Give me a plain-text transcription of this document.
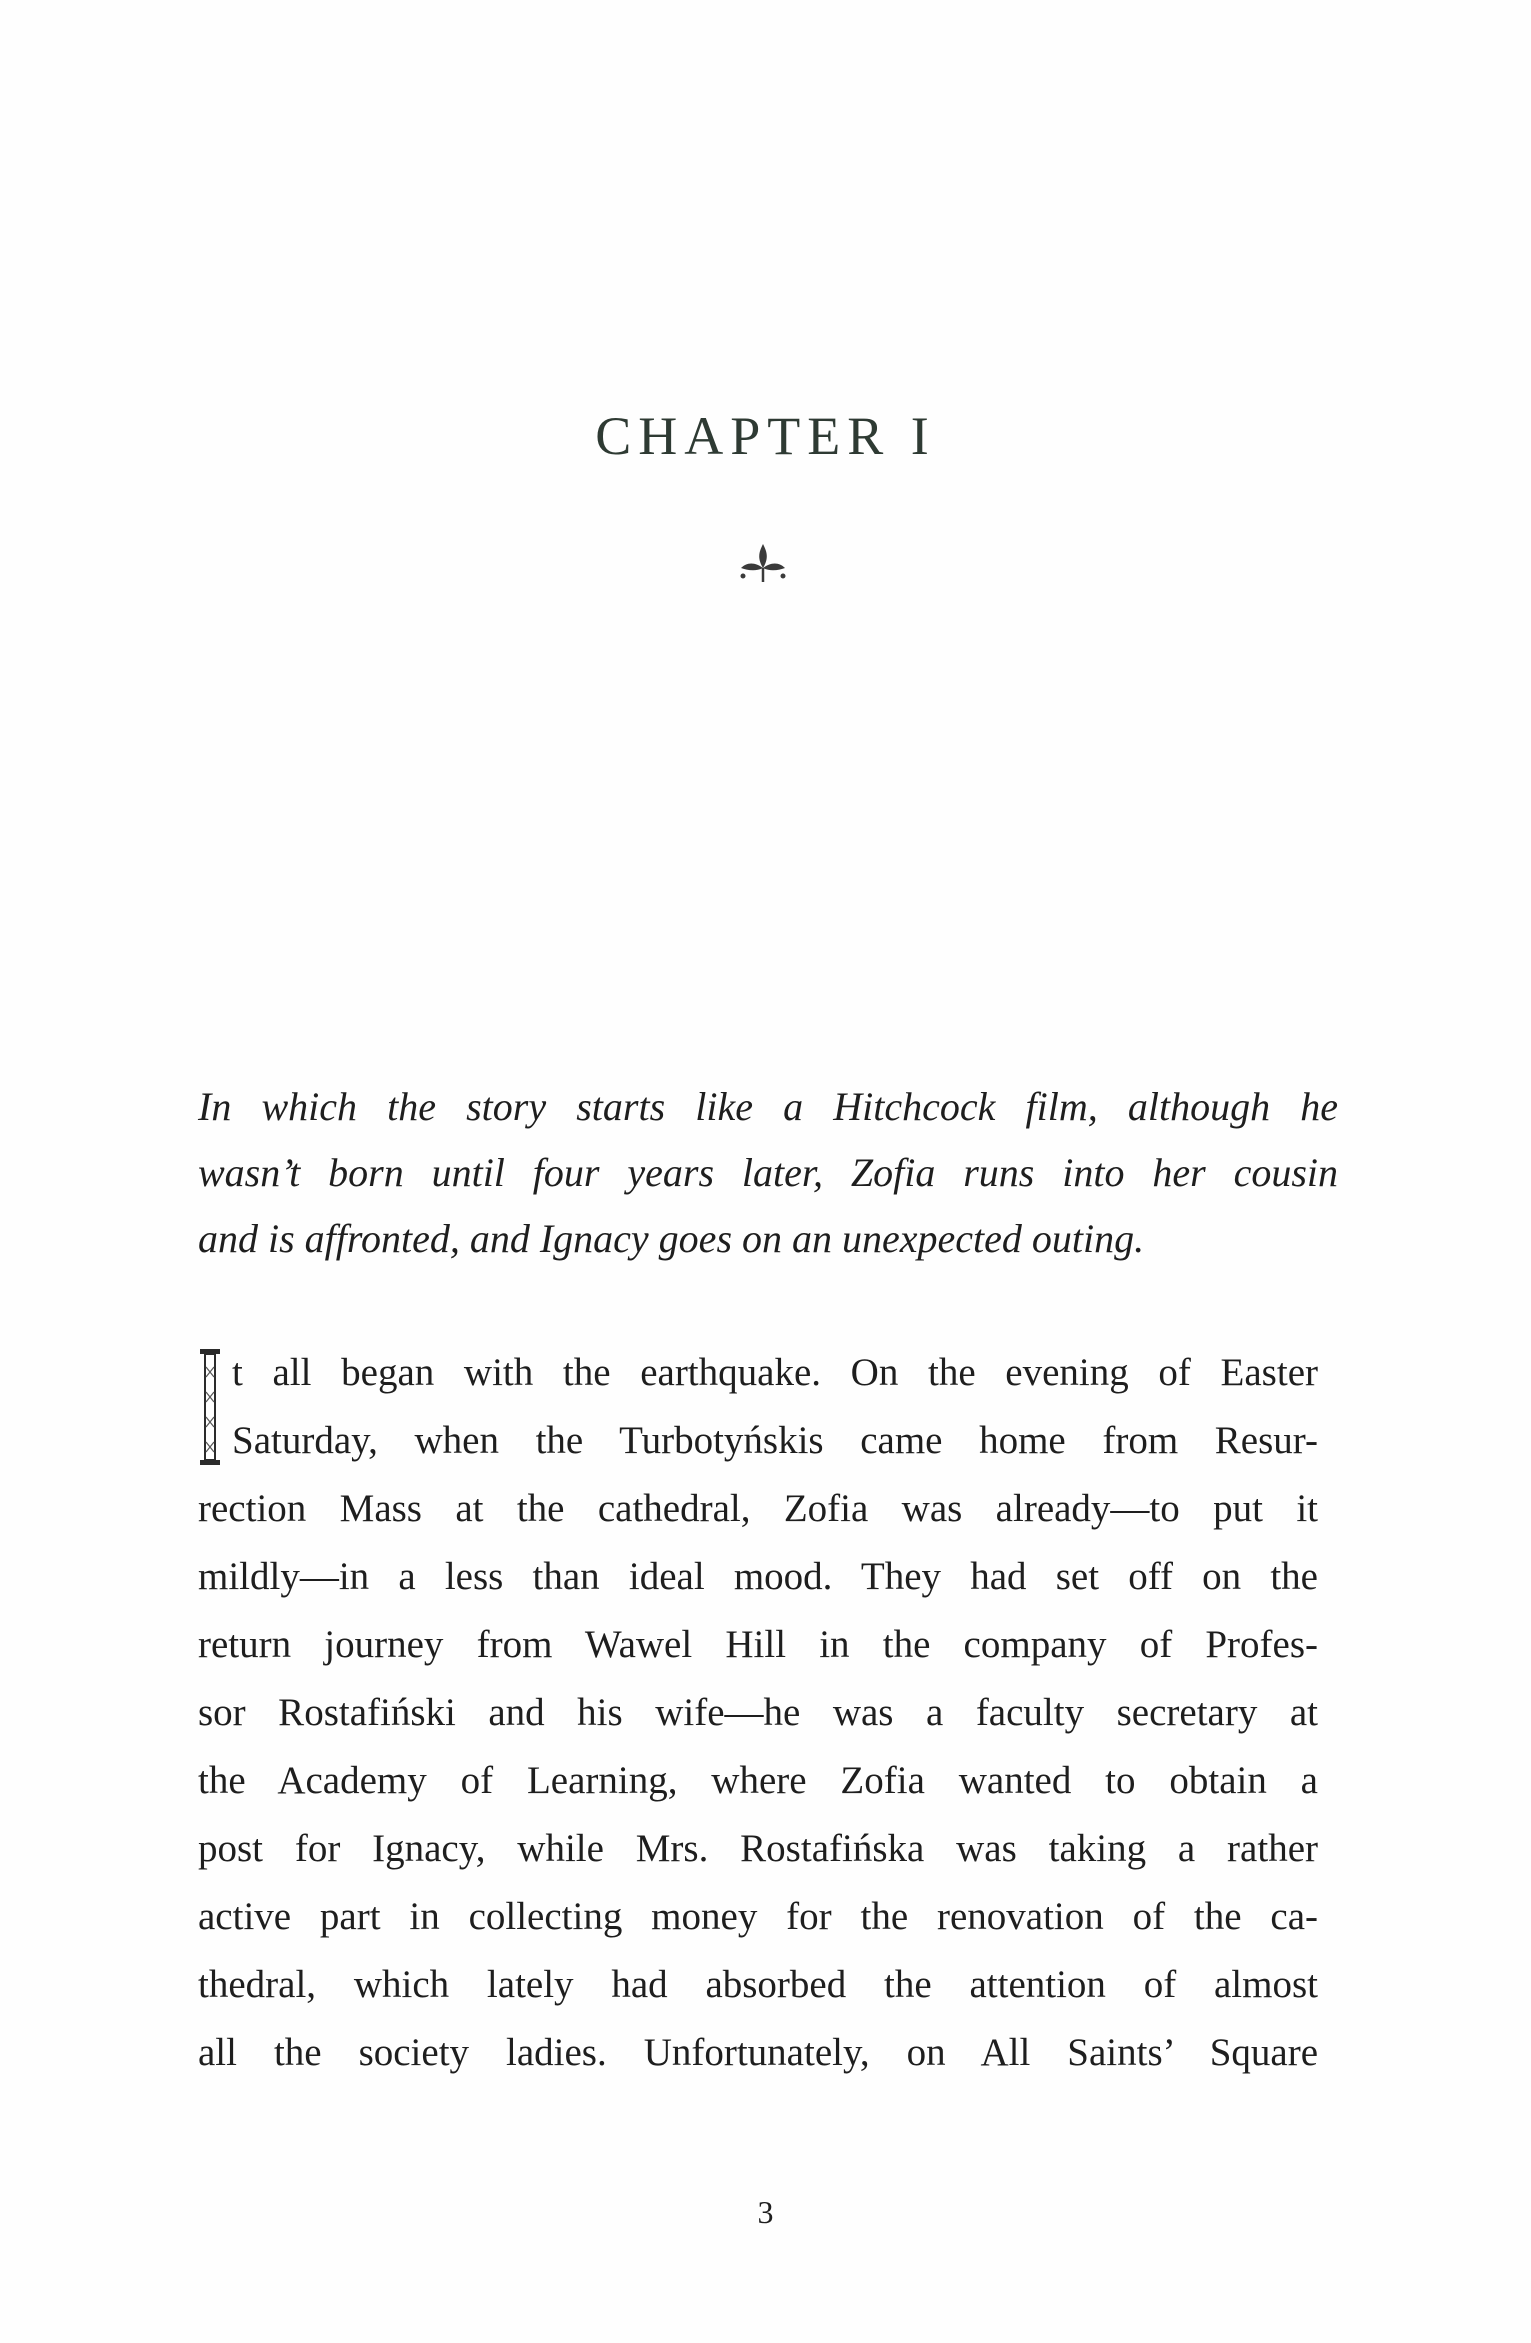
CHAPTER I
In which the story starts like a Hitchcock film, although he
wasn’t born until four years later, Zofia runs into her cousin
and is affronted, and Ignacy goes on an unexpected outing.
t all began with the earthquake. On the evening of Easter
Saturday, when the Turbotyńskis came home from Resur-
rection Mass at the cathedral, Zofia was already—to put it
mildly—in a less than ideal mood. They had set off on the
return journey from Wawel Hill in the company of Profes-
sor Rostafiński and his wife—he was a faculty secretary at
the Academy of Learning, where Zofia wanted to obtain a
post for Ignacy, while Mrs. Rostafińska was taking a rather
active part in collecting money for the renovation of the ca-
thedral, which lately had absorbed the attention of almost
all the society ladies. Unfortunately, on All Saints’ Square
3
